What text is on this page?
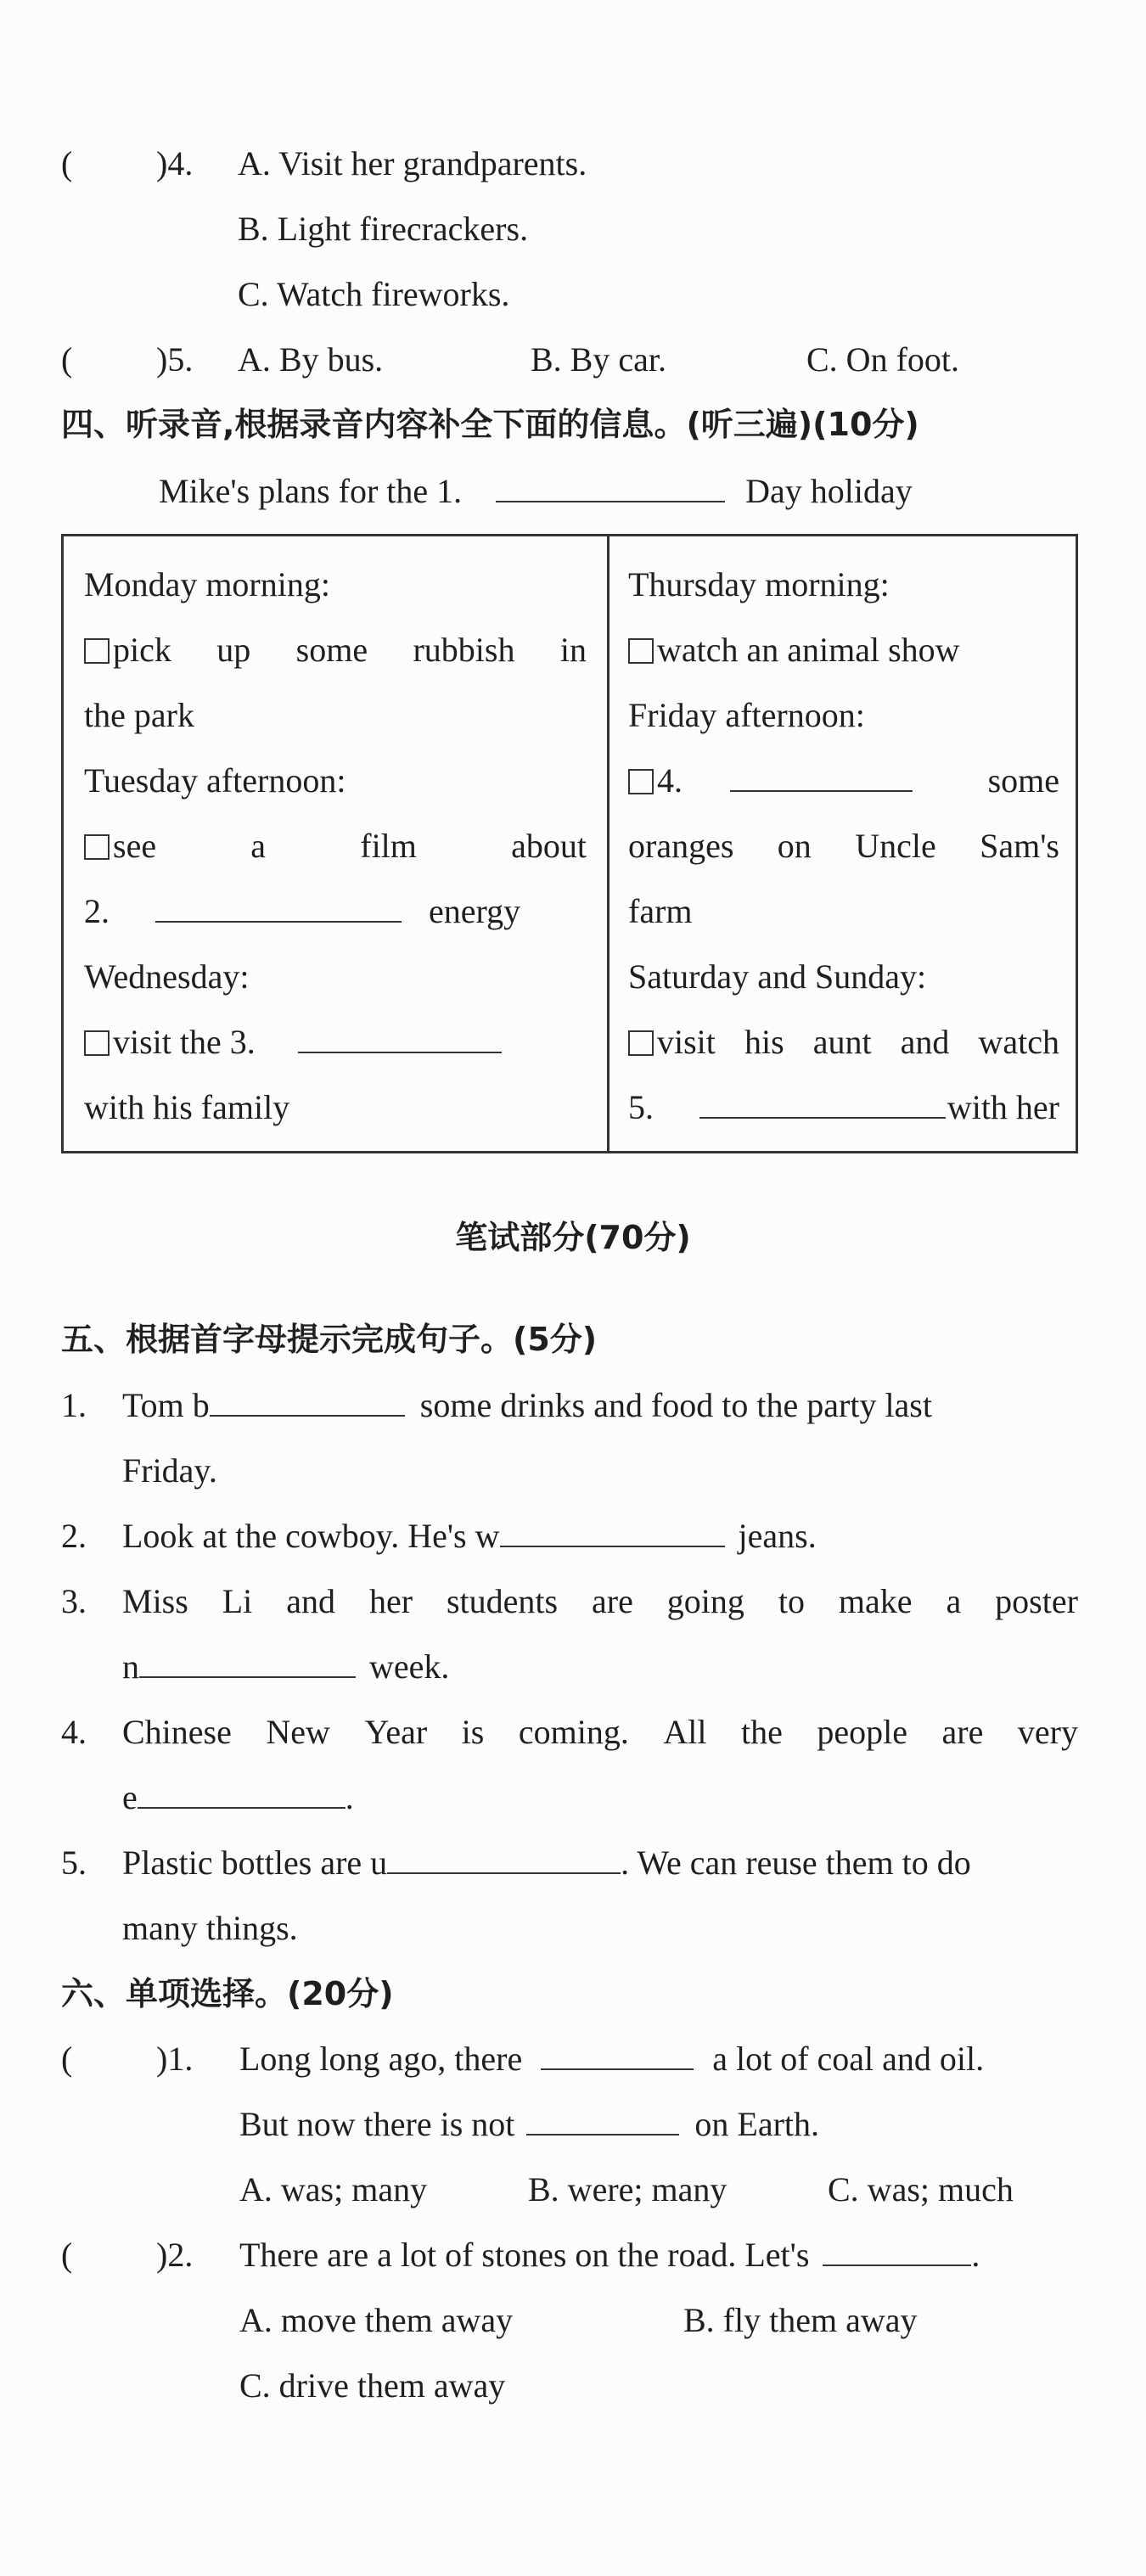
( )4. A. Visit her grandparents.
B. Light firecrackers.
C. Watch fireworks.
( )5. A. By bus.	B. By car.	C. On foot.
四、听录音,根据录音内容补全下面的信息。(听三遍)(10分)
Mike's plans for the 1.	Day holiday
Monday morning:
pick up some rubbish in
the park
Tuesday afternoon:
see	a	film	about
2.	energy
Wednesday:
visit the 3.
with his family
Thursday morning:
watch an animal show
Friday afternoon:
4.	some
oranges on Uncle Sam's
farm
Saturday and Sunday:
visit his aunt and watch
5.	with her
笔试部分(70分)
五、根据首字母提示完成句子。(5分)
1. Tom b	some drinks and food to the party last
Friday.
2. Look at the cowboy. He's w	jeans.
3. Miss Li and her students are going to make a poster
n	week.
4. Chinese New Year is coming. All the people are very
e	.
5. Plastic bottles are u	. We can reuse them to do
many things.
六、单项选择。(20分)
( )1. Long long ago, there	a lot of coal and oil.
But now there is not	on Earth.
A. was; many	B. were; many	C. was; much
( )2. There are a lot of stones on the road. Let's	.
A. move them away	B. fly them away
C. drive them away
